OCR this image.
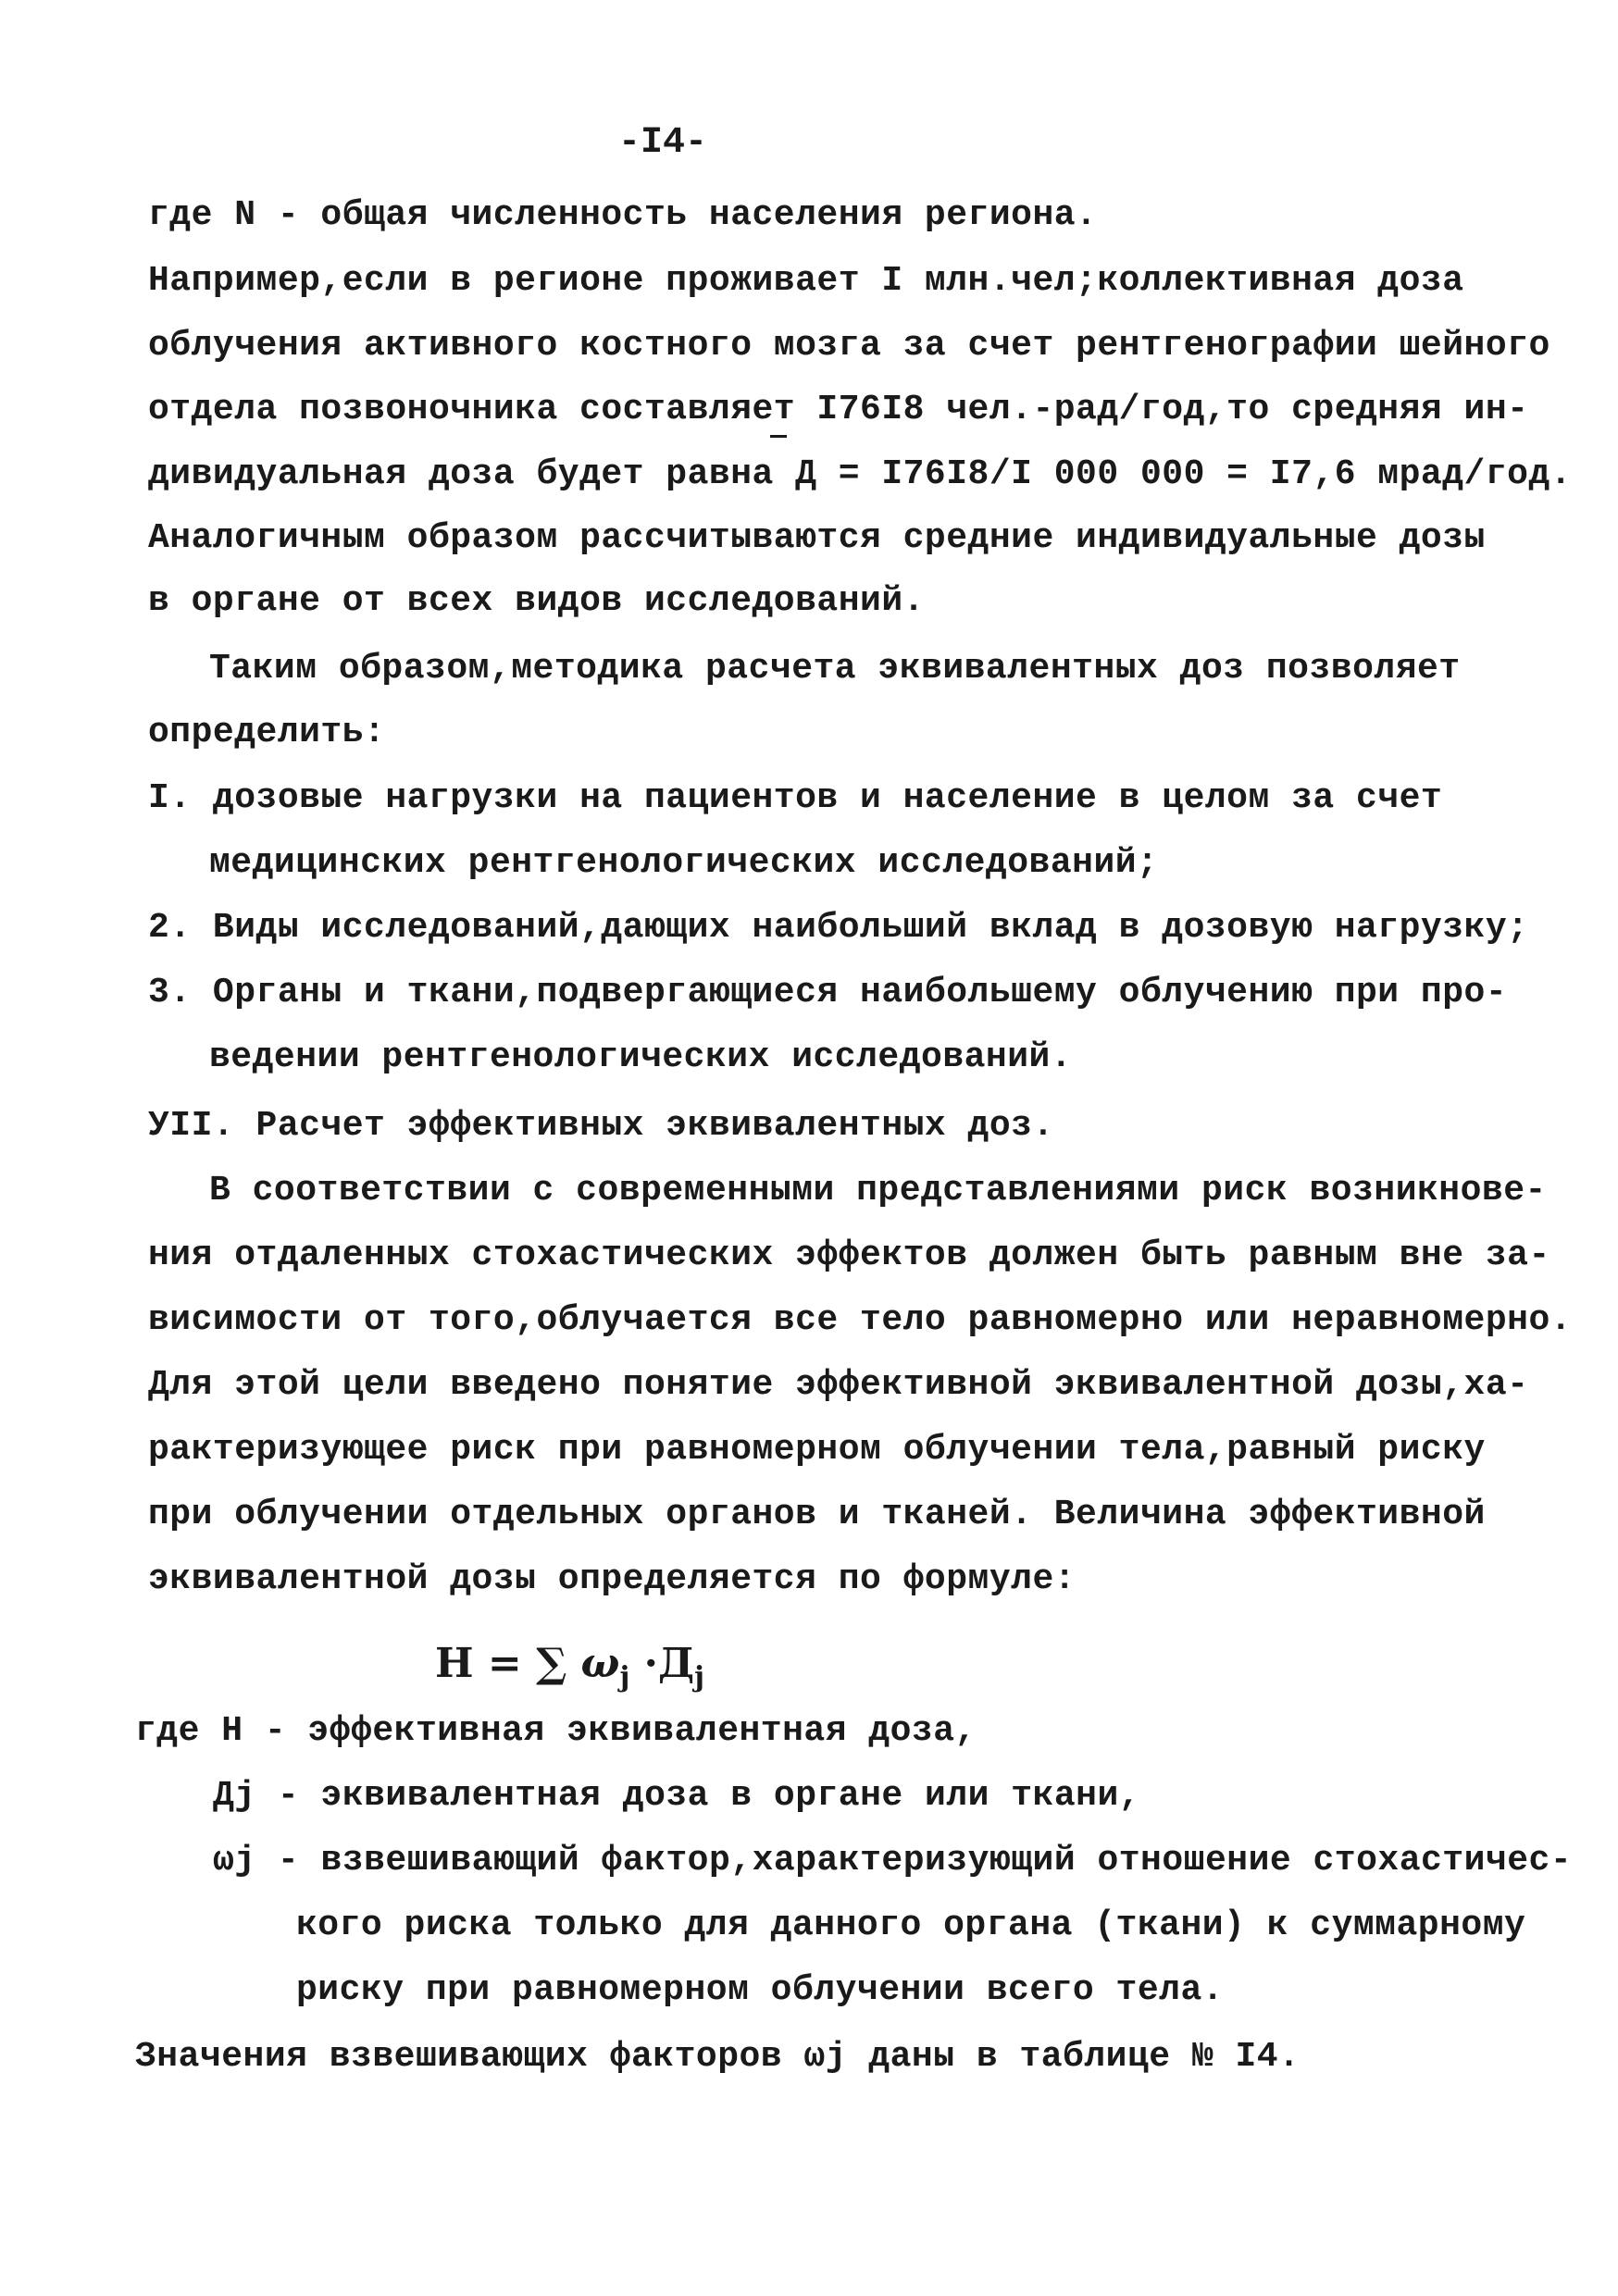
-I4-
где N - общая численность населения региона.
Например,если в регионе проживает I млн.чел;коллективная доза
облучения активного костного мозга за счет рентгенографии шейного
отдела позвоночника составляет I76I8 чел.-рад/год,то средняя ин-
дивидуальная доза будет равна Д = I76I8/I 000 000 = I7,6 мрад/год.
Аналогичным образом рассчитываются средние индивидуальные дозы
в органе от всех видов исследований.
Таким образом,методика расчета эквивалентных доз позволяет
определить:
I. дозовые нагрузки на пациентов и население в целом за счет
медицинских рентгенологических исследований;
2. Виды исследований,дающих наибольший вклад в дозовую нагрузку;
3. Органы и ткани,подвергающиеся наибольшему облучению при про-
ведении рентгенологических исследований.
УII. Расчет эффективных эквивалентных доз.
В соответствии с современными представлениями риск возникнове-
ния отдаленных стохастических эффектов должен быть равным вне за-
висимости от того,облучается все тело равномерно или неравномерно.
Для этой цели введено понятие эффективной эквивалентной дозы,ха-
рактеризующее риск при равномерном облучении тела,равный риску
при облучении отдельных органов и тканей. Величина эффективной
эквивалентной дозы определяется по формуле:
H = ∑ $\omega_j \cdot Д_j$
где H - эффективная эквивалентная доза,
Дj - эквивалентная доза в органе или ткани,
ωj - взвешивающий фактор,характеризующий отношение стохастичес-
кого риска только для данного органа (ткани) к суммарному
риску при равномерном облучении всего тела.
Значения взвешивающих факторов ωj даны в таблице № I4.
